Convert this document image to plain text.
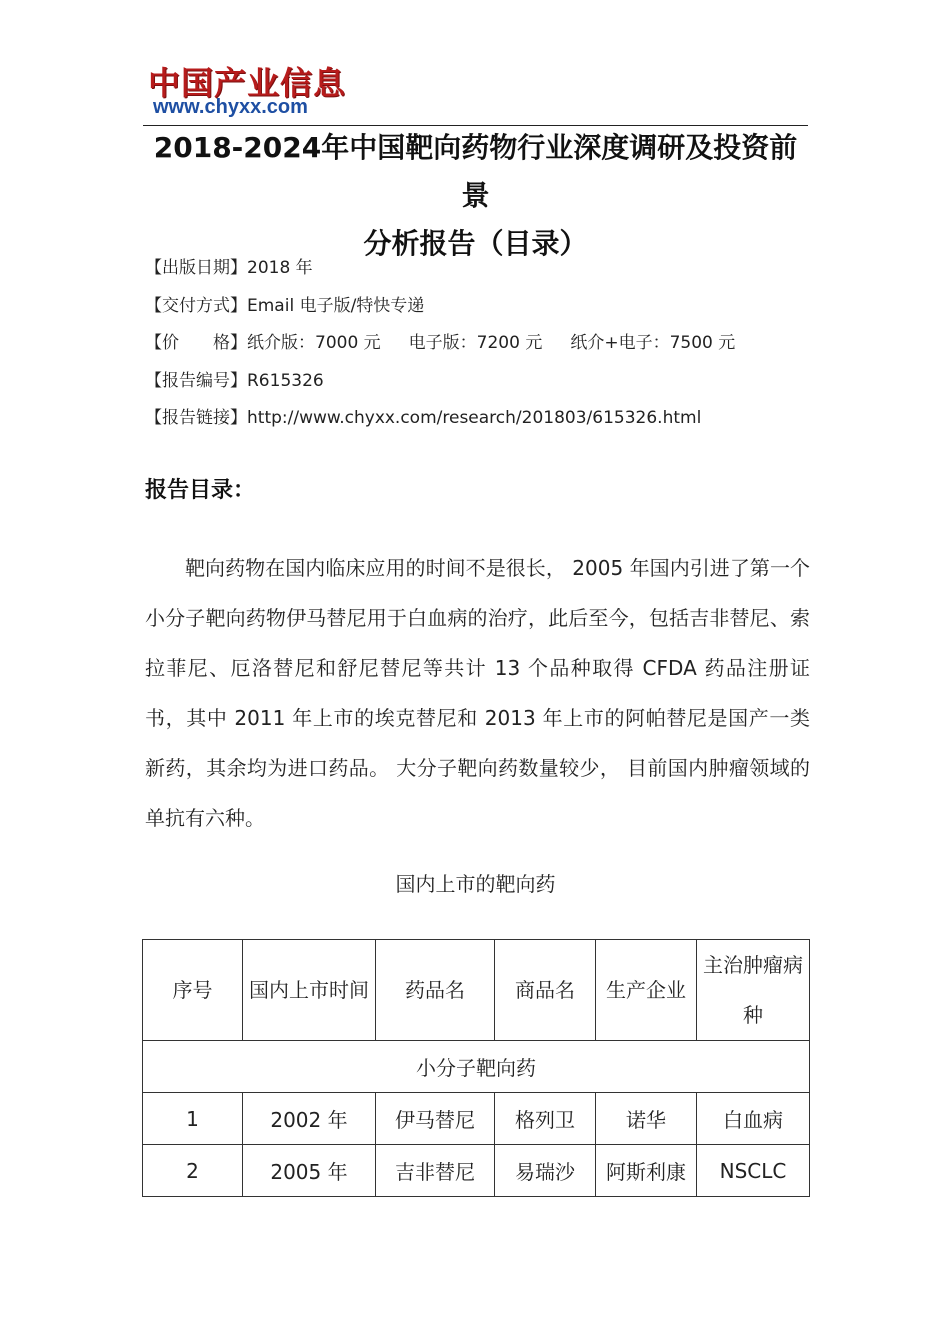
中国产业信息
www.chyxx.com
2018-2024年中国靶向药物行业深度调研及投资前景
分析报告（目录）
【出版日期】2018 年
【交付方式】Email 电子版/特快专递
【价　　格】纸介版：7000 元 电子版：7200 元 纸介+电子：7500 元
【报告编号】R615326
【报告链接】http://www.chyxx.com/research/201803/615326.html
报告目录：
靶向药物在国内临床应用的时间不是很长， 2005 年国内引进了第一个小分子靶向药物伊马替尼用于白血病的治疗，此后至今，包括吉非替尼、索拉菲尼、厄洛替尼和舒尼替尼等共计 13 个品种取得 CFDA 药品注册证书，其中 2011 年上市的埃克替尼和 2013 年上市的阿帕替尼是国产一类新药，其余均为进口药品。 大分子靶向药数量较少， 目前国内肿瘤领域的单抗有六种。
国内上市的靶向药
序号	国内上市时间	药品名	商品名	生产企业	主治肿瘤病种
小分子靶向药					
1	2002 年	伊马替尼	格列卫	诺华	白血病
2	2005 年	吉非替尼	易瑞沙	阿斯利康	NSCLC
